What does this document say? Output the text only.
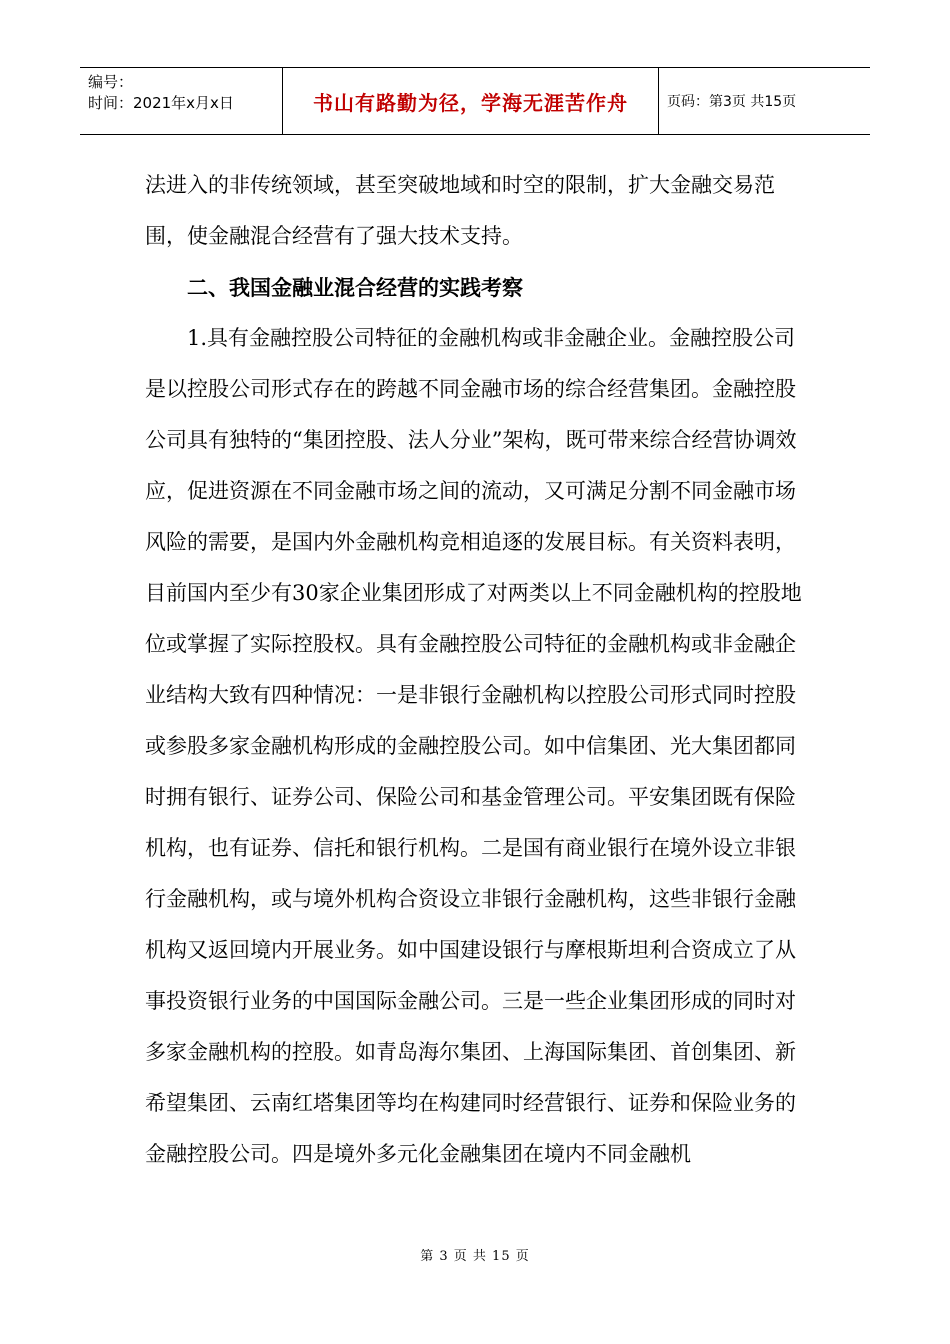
编号：
时间：2021年x月x日	书山有路勤为径，学海无涯苦作舟	页码：第3页 共15页

法进入的非传统领域，甚至突破地域和时空的限制，扩大金融交易范围，使金融混合经营有了强大技术支持。

二、我国金融业混合经营的实践考察

1.具有金融控股公司特征的金融机构或非金融企业。金融控股公司是以控股公司形式存在的跨越不同金融市场的综合经营集团。金融控股公司具有独特的“集团控股、法人分业”架构，既可带来综合经营协调效应，促进资源在不同金融市场之间的流动，又可满足分割不同金融市场风险的需要，是国内外金融机构竞相追逐的发展目标。有关资料表明，目前国内至少有30家企业集团形成了对两类以上不同金融机构的控股地位或掌握了实际控股权。具有金融控股公司特征的金融机构或非金融企业结构大致有四种情况：一是非银行金融机构以控股公司形式同时控股或参股多家金融机构形成的金融控股公司。如中信集团、光大集团都同时拥有银行、证券公司、保险公司和基金管理公司。平安集团既有保险机构，也有证券、信托和银行机构。二是国有商业银行在境外设立非银行金融机构，或与境外机构合资设立非银行金融机构，这些非银行金融机构又返回境内开展业务。如中国建设银行与摩根斯坦利合资成立了从事投资银行业务的中国国际金融公司。三是一些企业集团形成的同时对多家金融机构的控股。如青岛海尔集团、上海国际集团、首创集团、新希望集团、云南红塔集团等均在构建同时经营银行、证券和保险业务的金融控股公司。四是境外多元化金融集团在境内不同金融机

第 3 页 共 15 页
